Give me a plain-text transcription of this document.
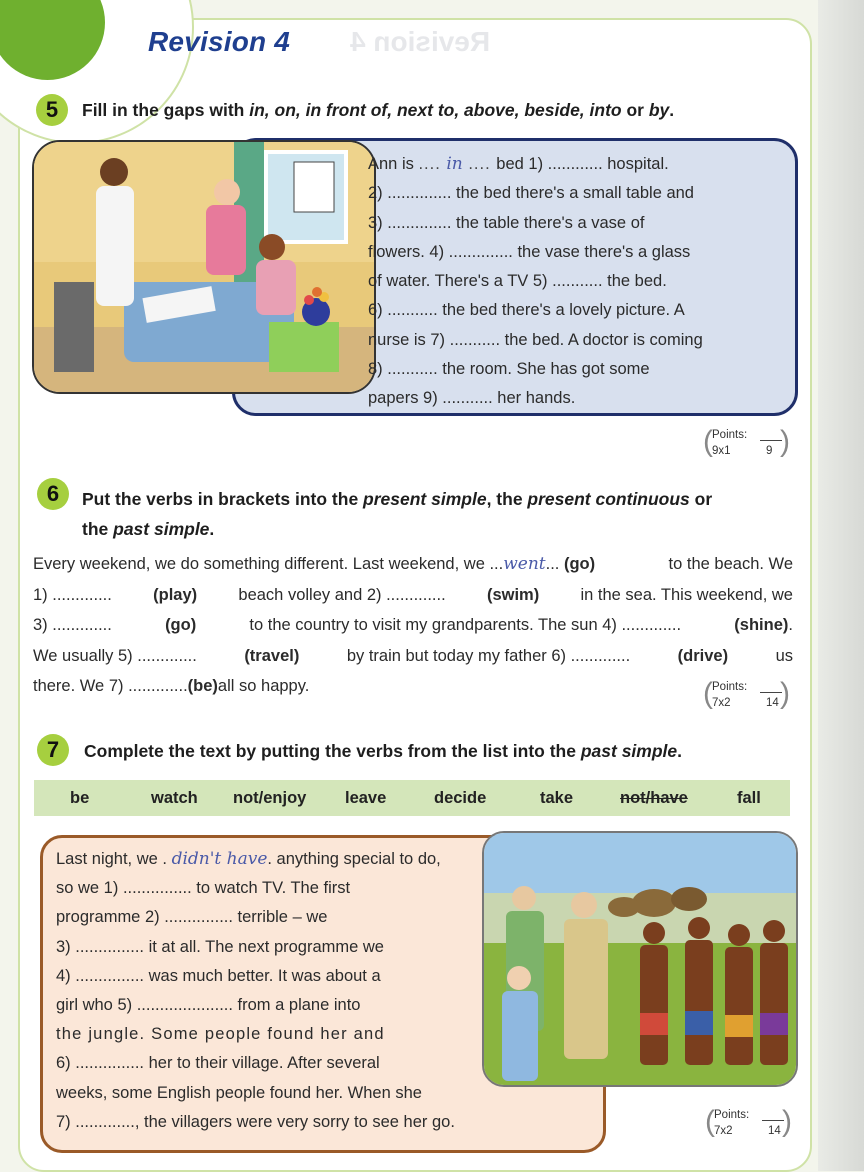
Revision 4
Revision 4
5	Fill in the gaps with in, on, in front of, next to, above, beside, into or by.
Ann is .... in .... bed 1) ............ hospital.
2) .............. the bed there's a small table and
3) .............. the table there's a vase of
flowers. 4) .............. the vase there's a glass
of water. There's a TV 5) ........... the bed.
6) ........... the bed there's a lovely picture. A
nurse is 7) ........... the bed. A doctor is coming
8) ........... the room. She has got some
papers 9) ........... her hands.
( )
Points:
9x1	9
6	Put the verbs in brackets into the present simple, the present continuous or
the past simple.
Every weekend, we do something different. Last weekend, we ...went... (go)	to the beach. We
1) .............	(play)	beach volley and 2) .............	(swim)	in the sea. This weekend, we
3) .............	(go)	to the country to visit my grandparents. The sun 4) .............	(shine).
We usually 5) .............	(travel)	by train but today my father 6) .............	(drive)	us
there. We 7) ............. (be) all so happy.	( )
Points:
7x2	14
7	Complete the text by putting the verbs from the list into the past simple.
be	watch not/enjoy leave	decide	take	not/have	fall
Last night, we . didn't have. anything special to do,
so we 1) ............... to watch TV. The first
programme 2) ............... terrible – we
3) ............... it at all. The next programme we
4) ............... was much better. It was about a
girl who 5) ..................... from a plane into
the jungle. Some people found her and
6) ............... her to their village. After several
weeks, some English people found her. When she
7) ............., the villagers were very sorry to see her go.	( )
Points:
7x2	14
